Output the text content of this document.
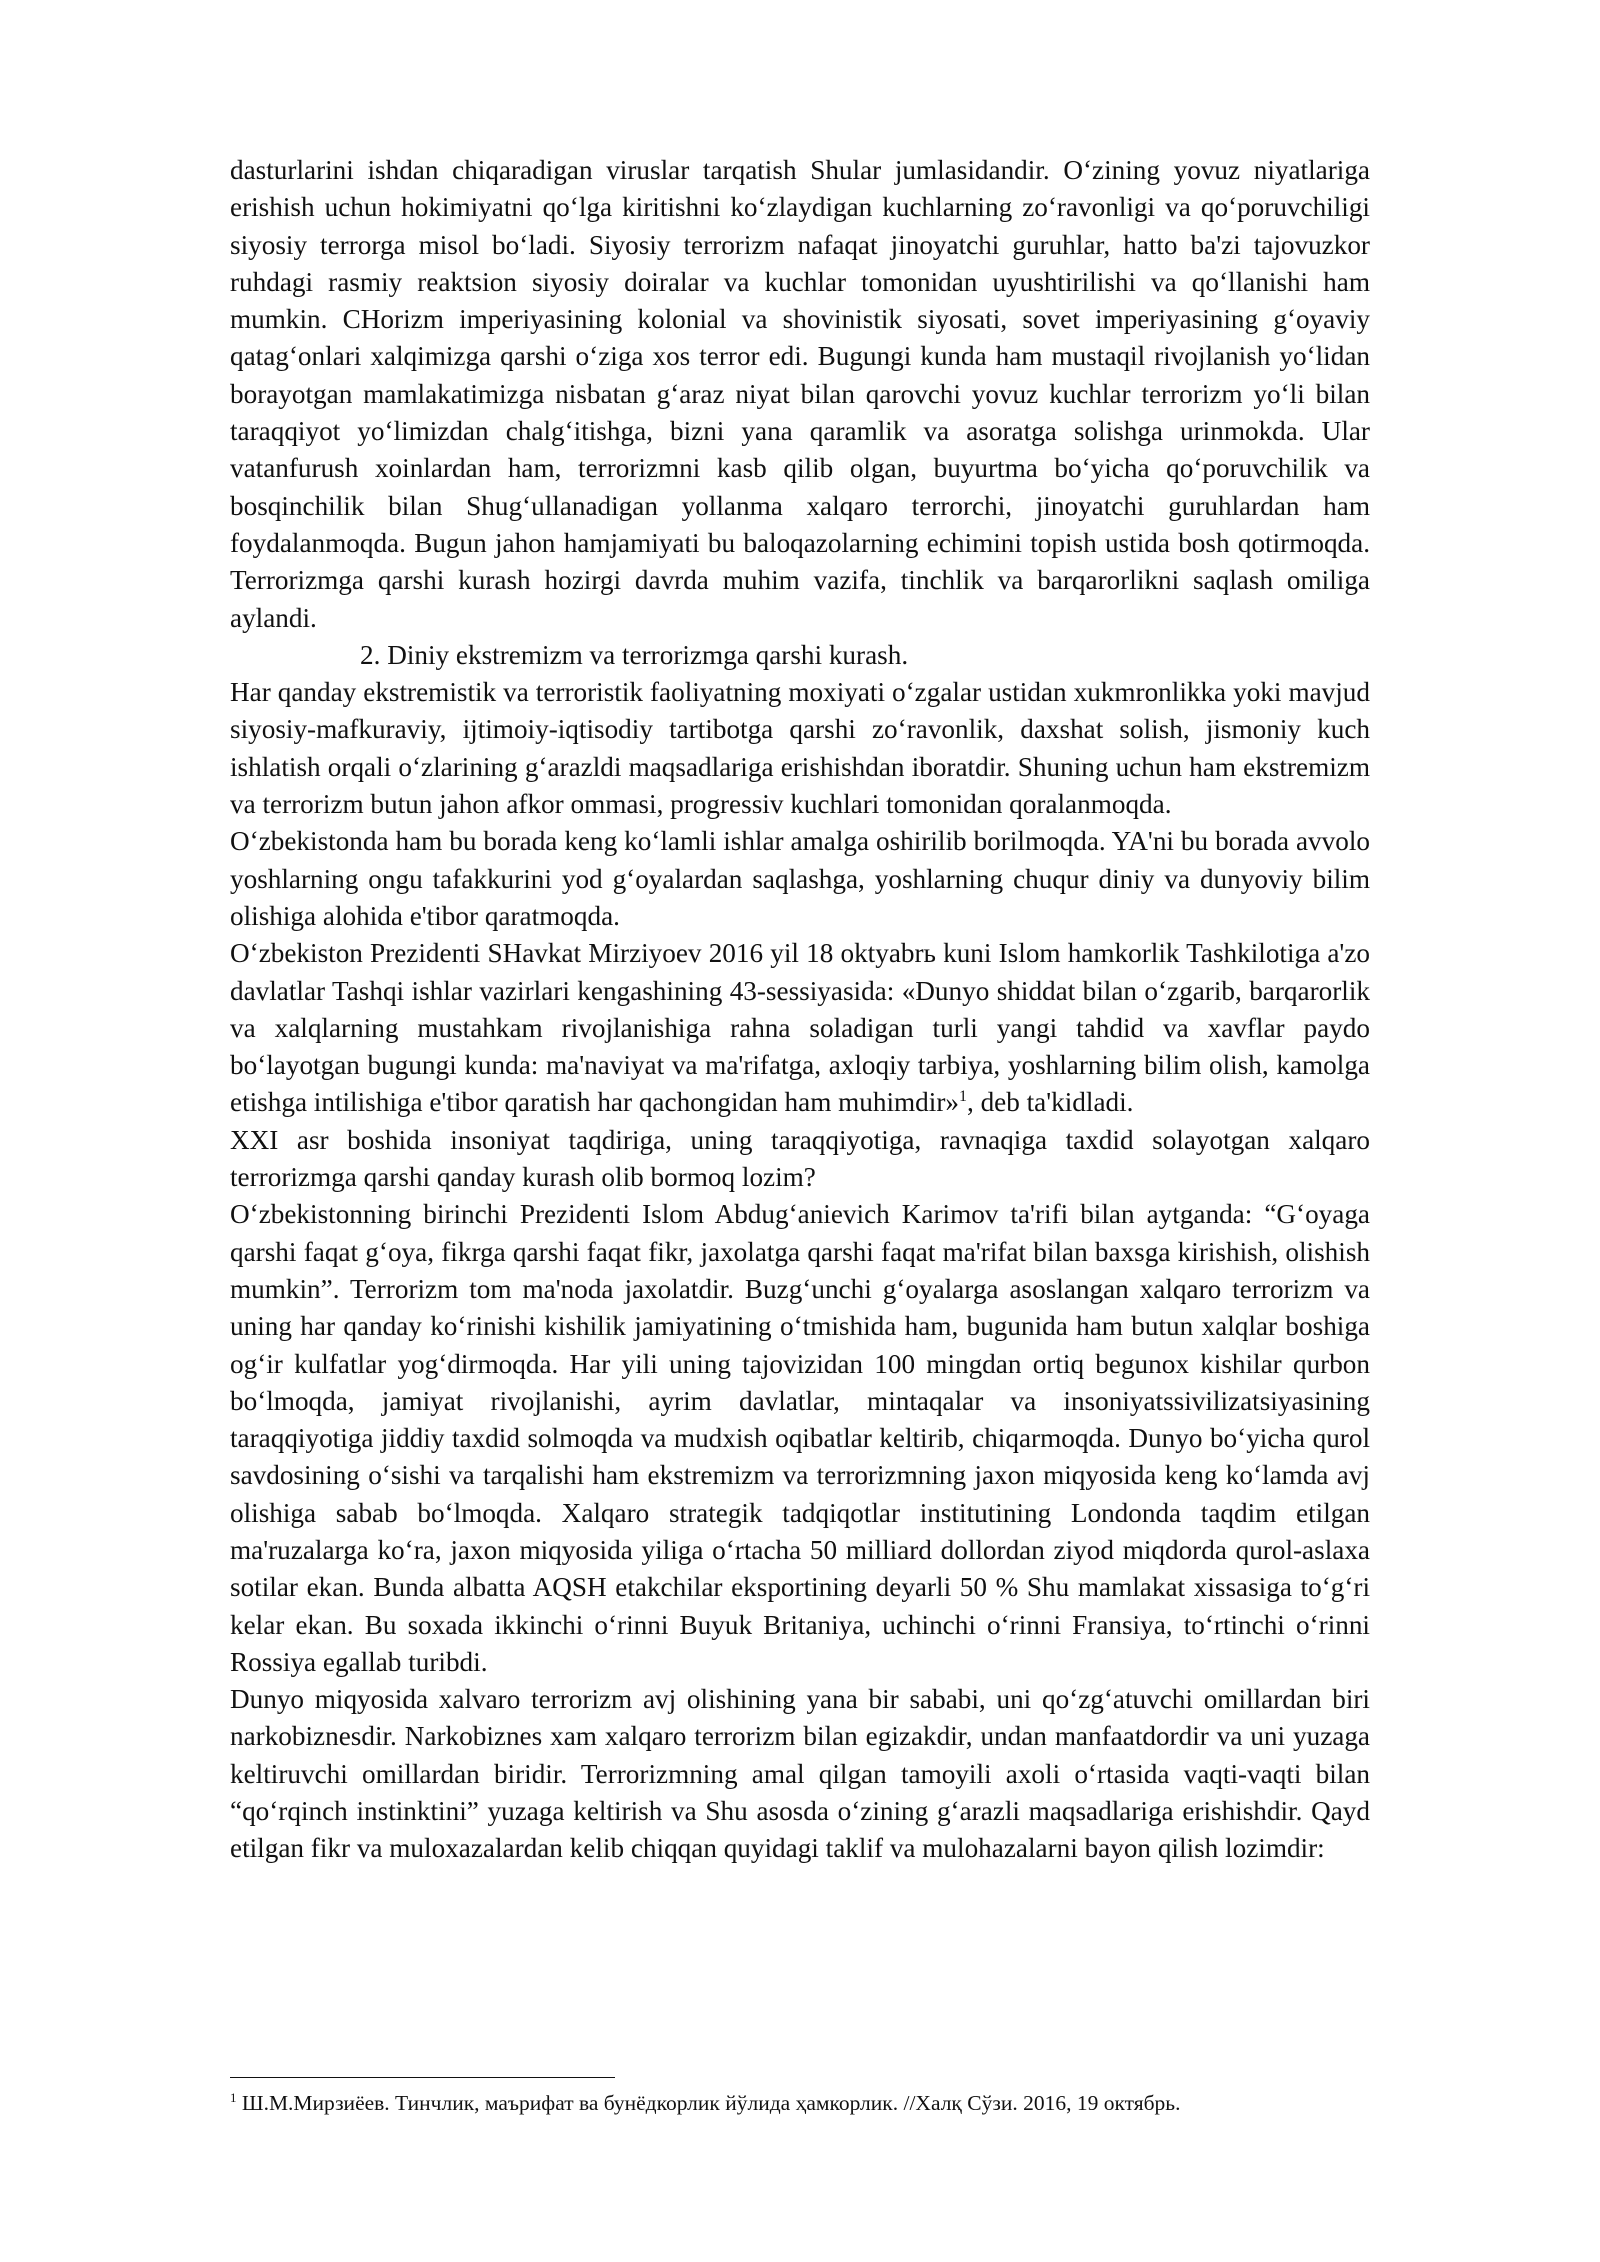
dasturlarini ishdan chiqaradigan viruslar tarqatish Shular jumlasidandir. O‘zining yovuz niyatlariga erishish uchun hokimiyatni qo‘lga kiritishni ko‘zlaydigan kuchlarning zo‘ravonligi va qo‘poruvchiligi siyosiy terrorga misol bo‘ladi. Siyosiy terrorizm nafaqat jinoyatchi guruhlar, hatto ba'zi tajovuzkor ruhdagi rasmiy reaktsion siyosiy doiralar va kuchlar tomonidan uyushtirilishi va qo‘llanishi ham mumkin. CHorizm imperiyasining kolonial va shovinistik siyosati, sovet imperiyasining g‘oyaviy qatag‘onlari xalqimizga qarshi o‘ziga xos terror edi. Bugungi kunda ham mustaqil rivojlanish yo‘lidan borayotgan mamlakatimizga nisbatan g‘araz niyat bilan qarovchi yovuz kuchlar terrorizm yo‘li bilan taraqqiyot yo‘limizdan chalg‘itishga, bizni yana qaramlik va asoratga solishga urinmokda. Ular vatanfurush xoinlardan ham, terrorizmni kasb qilib olgan, buyurtma bo‘yicha qo‘poruvchilik va bosqinchilik bilan Shug‘ullanadigan yollanma xalqaro terrorchi, jinoyatchi guruhlardan ham foydalanmoqda. Bugun jahon hamjamiyati bu baloqazolarning echimini topish ustida bosh qotirmoqda. Terrorizmga qarshi kurash hozirgi davrda muhim vazifa, tinchlik va barqarorlikni saqlash omiliga aylandi.

2. Diniy ekstremizm va terrorizmga qarshi kurash.

Har qanday ekstremistik va terroristik faoliyatning moxiyati o‘zgalar ustidan xukmronlikka yoki mavjud siyosiy-mafkuraviy, ijtimoiy-iqtisodiy tartibotga qarshi zo‘ravonlik, daxshat solish, jismoniy kuch ishlatish orqali o‘zlarining g‘arazldi maqsadlariga erishishdan iboratdir. Shuning uchun ham ekstremizm va terrorizm butun jahon afkor ommasi, progressiv kuchlari tomonidan qoralanmoqda.

O‘zbekistonda ham bu borada keng ko‘lamli ishlar amalga oshirilib borilmoqda. YA'ni bu borada avvolo yoshlarning ongu tafakkurini yod g‘oyalardan saqlashga, yoshlarning chuqur diniy va dunyoviy bilim olishiga alohida e'tibor qaratmoqda.

O‘zbekiston Prezidenti SHavkat Mirziyoev 2016 yil 18 oktyabrь kuni Islom hamkorlik Tashkilotiga a'zo davlatlar Tashqi ishlar vazirlari kengashining 43-sessiyasida: «Dunyo shiddat bilan o‘zgarib, barqarorlik va xalqlarning mustahkam rivojlanishiga rahna soladigan turli yangi tahdid va xavflar paydo bo‘layotgan bugungi kunda: ma'naviyat va ma'rifatga, axloqiy tarbiya, yoshlarning bilim olish, kamolga etishga intilishiga e'tibor qaratish har qachongidan ham muhimdir»$^1$, deb ta'kidladi.

XXI asr boshida insoniyat taqdiriga, uning taraqqiyotiga, ravnaqiga taxdid solayotgan xalqaro terrorizmga qarshi qanday kurash olib bormoq lozim?

O‘zbekistonning birinchi Prezidenti Islom Abdug‘anievich Karimov ta'rifi bilan aytganda: “G‘oyaga qarshi faqat g‘oya, fikrga qarshi faqat fikr, jaxolatga qarshi faqat ma'rifat bilan baxsga kirishish, olishish mumkin”. Terrorizm tom ma'noda jaxolatdir. Buzg‘unchi g‘oyalarga asoslangan xalqaro terrorizm va uning har qanday ko‘rinishi kishilik jamiyatining o‘tmishida ham, bugunida ham butun xalqlar boshiga og‘ir kulfatlar yog‘dirmoqda. Har yili uning tajovizidan 100 mingdan ortiq begunox kishilar qurbon bo‘lmoqda, jamiyat rivojlanishi, ayrim davlatlar, mintaqalar va insoniyatssivilizatsiyasining taraqqiyotiga jiddiy taxdid solmoqda va mudxish oqibatlar keltirib, chiqarmoqda. Dunyo bo‘yicha qurol savdosining o‘sishi va tarqalishi ham ekstremizm va terrorizmning jaxon miqyosida keng ko‘lamda avj olishiga sabab bo‘lmoqda. Xalqaro strategik tadqiqotlar institutining Londonda taqdim etilgan ma'ruzalarga ko‘ra, jaxon miqyosida yiliga o‘rtacha 50 milliard dollordan ziyod miqdorda qurol-aslaxa sotilar ekan. Bunda albatta AQSH etakchilar eksportining deyarli 50 % Shu mamlakat xissasiga to‘g‘ri kelar ekan. Bu soxada ikkinchi o‘rinni Buyuk Britaniya, uchinchi o‘rinni Fransiya, to‘rtinchi o‘rinni Rossiya egallab turibdi.

Dunyo miqyosida xalvaro terrorizm avj olishining yana bir sababi, uni qo‘zg‘atuvchi omillardan biri narkobiznesdir. Narkobiznes xam xalqaro terrorizm bilan egizakdir, undan manfaatdordir va uni yuzaga keltiruvchi omillardan biridir. Terrorizmning amal qilgan tamoyili axoli o‘rtasida vaqti-vaqti bilan “qo‘rqinch instinktini” yuzaga keltirish va Shu asosda o‘zining g‘arazli maqsadlariga erishishdir. Qayd etilgan fikr va muloxazalardan kelib chiqqan quyidagi taklif va mulohazalarni bayon qilish lozimdir:

$^1$ Ш.М.Мирзиёев. Тинчлик, маърифат ва бунёдкорлик йўлида ҳамкорлик. //Халқ Сўзи. 2016, 19 октябрь.
